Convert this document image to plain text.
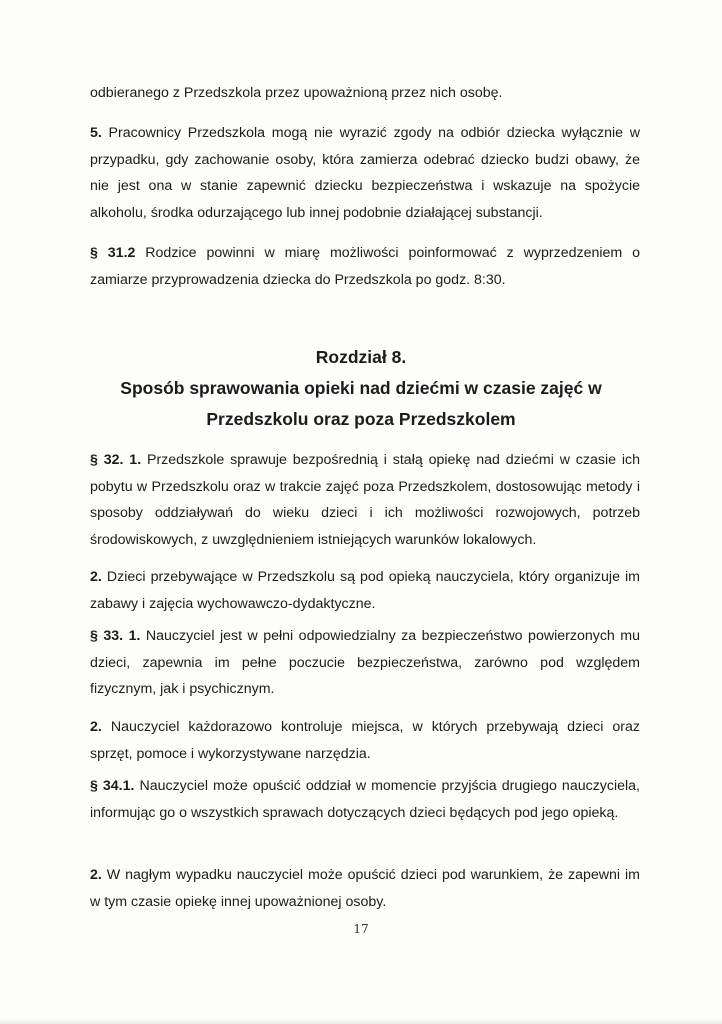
odbieranego z Przedszkola przez upoważnioną przez nich osobę.

5. Pracownicy Przedszkola mogą nie wyrazić zgody na odbiór dziecka wyłącznie w przypadku, gdy zachowanie osoby, która zamierza odebrać dziecko budzi obawy, że nie jest ona w stanie zapewnić dziecku bezpieczeństwa i wskazuje na spożycie alkoholu, środka odurzającego lub innej podobnie działającej substancji.

§ 31.2 Rodzice powinni w miarę możliwości poinformować z wyprzedzeniem o zamiarze przyprowadzenia dziecka do Przedszkola po godz. 8:30.

Rozdział 8.

Sposób sprawowania opieki nad dziećmi w czasie zajęć w

Przedszkolu oraz poza Przedszkolem

§ 32. 1. Przedszkole sprawuje bezpośrednią i stałą opiekę nad dziećmi w czasie ich pobytu w Przedszkolu oraz w trakcie zajęć poza Przedszkolem, dostosowując metody i sposoby oddziaływań do wieku dzieci i ich możliwości rozwojowych, potrzeb środowiskowych, z uwzględnieniem istniejących warunków lokalowych.

2. Dzieci przebywające w Przedszkolu są pod opieką nauczyciela, który organizuje im zabawy i zajęcia wychowawczo-dydaktyczne.

§ 33. 1. Nauczyciel jest w pełni odpowiedzialny za bezpieczeństwo powierzonych mu dzieci, zapewnia im pełne poczucie bezpieczeństwa, zarówno pod względem fizycznym, jak i psychicznym.

2. Nauczyciel każdorazowo kontroluje miejsca, w których przebywają dzieci oraz sprzęt, pomoce i wykorzystywane narzędzia.

§ 34.1. Nauczyciel może opuścić oddział w momencie przyjścia drugiego nauczyciela, informując go o wszystkich sprawach dotyczących dzieci będących pod jego opieką.

2. W nagłym wypadku nauczyciel może opuścić dzieci pod warunkiem, że zapewni im w tym czasie opiekę innej upoważnionej osoby.

17
